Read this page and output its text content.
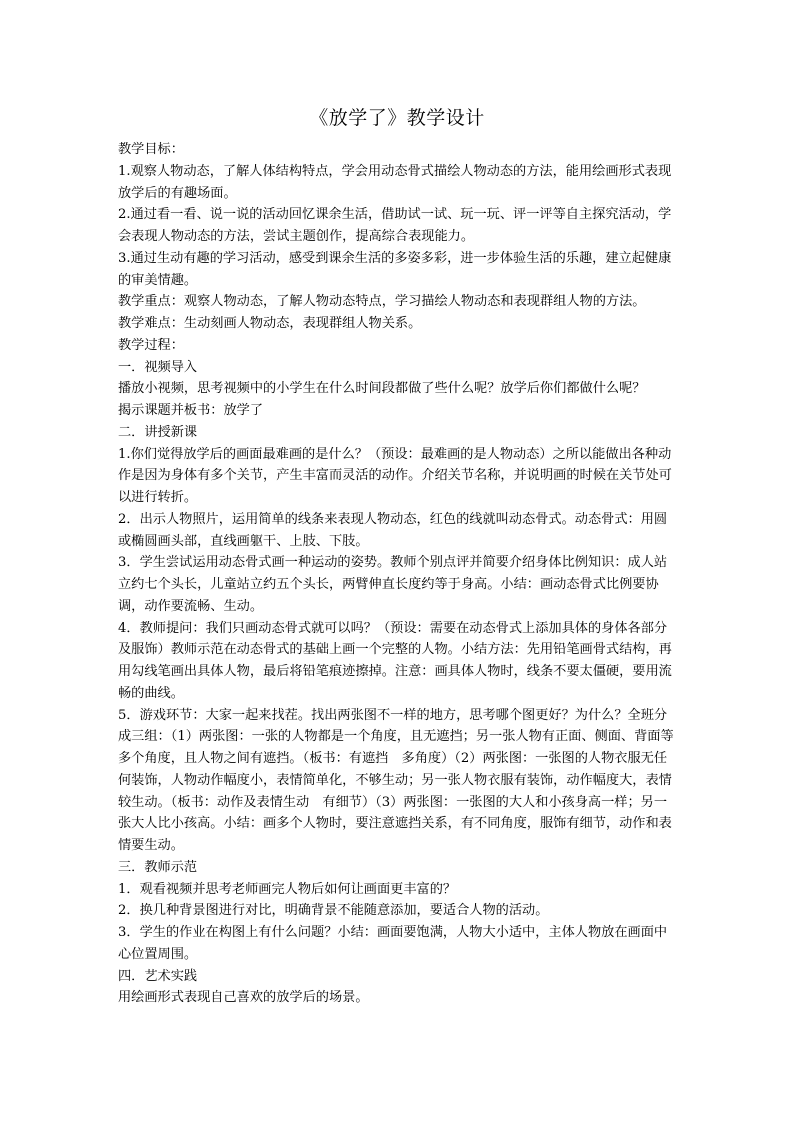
《放学了》教学设计

教学目标：

1.观察人物动态，了解人体结构特点，学会用动态骨式描绘人物动态的方法，能用绘画形式表现放学后的有趣场面。

2.通过看一看、说一说的活动回忆课余生活，借助试一试、玩一玩、评一评等自主探究活动，学会表现人物动态的方法，尝试主题创作，提高综合表现能力。

3.通过生动有趣的学习活动，感受到课余生活的多姿多彩，进一步体验生活的乐趣，建立起健康的审美情趣。

教学重点：观察人物动态，了解人物动态特点，学习描绘人物动态和表现群组人物的方法。

教学难点：生动刻画人物动态，表现群组人物关系。

教学过程：

一．视频导入

播放小视频，思考视频中的小学生在什么时间段都做了些什么呢？放学后你们都做什么呢？

揭示课题并板书：放学了

二．讲授新课

1.你们觉得放学后的画面最难画的是什么？（预设：最难画的是人物动态）之所以能做出各种动作是因为身体有多个关节，产生丰富而灵活的动作。介绍关节名称，并说明画的时候在关节处可以进行转折。

2．出示人物照片，运用简单的线条来表现人物动态，红色的线就叫动态骨式。动态骨式：用圆或椭圆画头部，直线画躯干、上肢、下肢。

3．学生尝试运用动态骨式画一种运动的姿势。教师个别点评并简要介绍身体比例知识：成人站立约七个头长，儿童站立约五个头长，两臂伸直长度约等于身高。小结：画动态骨式比例要协调，动作要流畅、生动。

4．教师提问：我们只画动态骨式就可以吗？（预设：需要在动态骨式上添加具体的身体各部分及服饰）教师示范在动态骨式的基础上画一个完整的人物。小结方法：先用铅笔画骨式结构，再用勾线笔画出具体人物，最后将铅笔痕迹擦掉。注意：画具体人物时，线条不要太僵硬，要用流畅的曲线。

5．游戏环节：大家一起来找茬。找出两张图不一样的地方，思考哪个图更好？为什么？全班分成三组：（1）两张图：一张的人物都是一个角度，且无遮挡；另一张人物有正面、侧面、背面等多个角度，且人物之间有遮挡。（板书：有遮挡　多角度）（2）两张图：一张图的人物衣服无任何装饰，人物动作幅度小，表情简单化，不够生动；另一张人物衣服有装饰，动作幅度大，表情较生动。（板书：动作及表情生动　有细节）（3）两张图：一张图的大人和小孩身高一样；另一张大人比小孩高。小结：画多个人物时，要注意遮挡关系，有不同角度，服饰有细节，动作和表情要生动。

三．教师示范

1．观看视频并思考老师画完人物后如何让画面更丰富的？

2．换几种背景图进行对比，明确背景不能随意添加，要适合人物的活动。

3．学生的作业在构图上有什么问题？小结：画面要饱满，人物大小适中，主体人物放在画面中心位置周围。

四．艺术实践

用绘画形式表现自己喜欢的放学后的场景。
